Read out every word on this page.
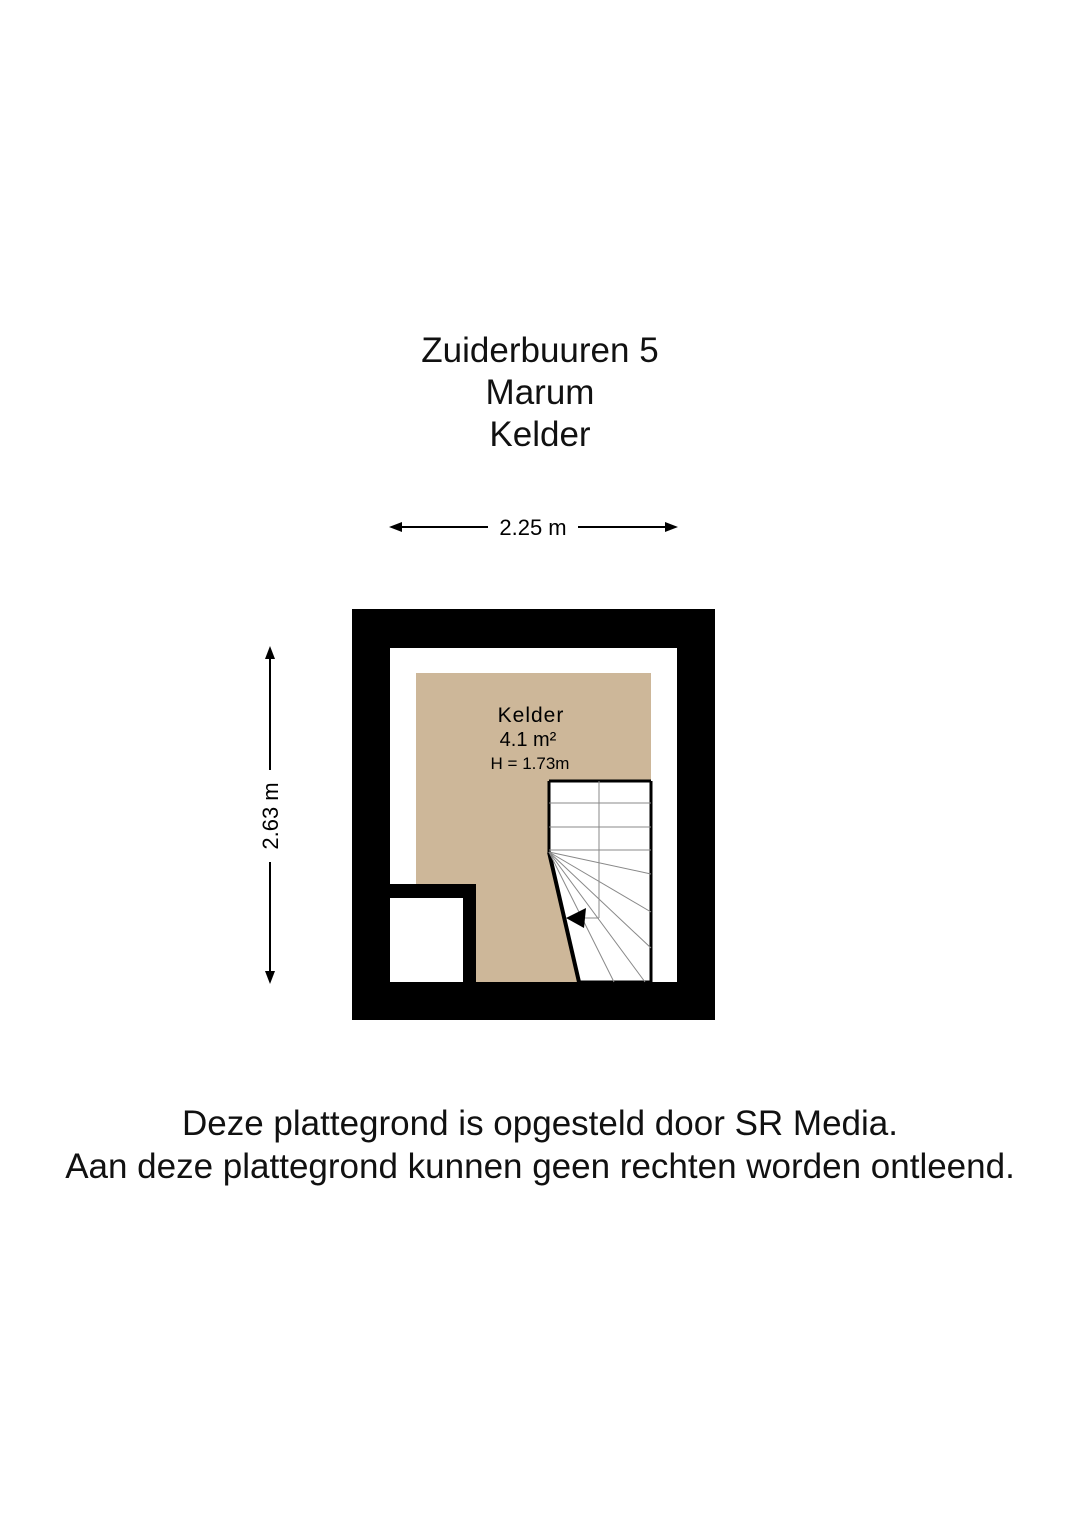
Zuiderbuuren 5
Marum
Kelder
2.25 m
2.63 m
Kelder
4.1 m²
H = 1.73m
Deze plattegrond is opgesteld door SR Media.
Aan deze plattegrond kunnen geen rechten worden ontleend.
